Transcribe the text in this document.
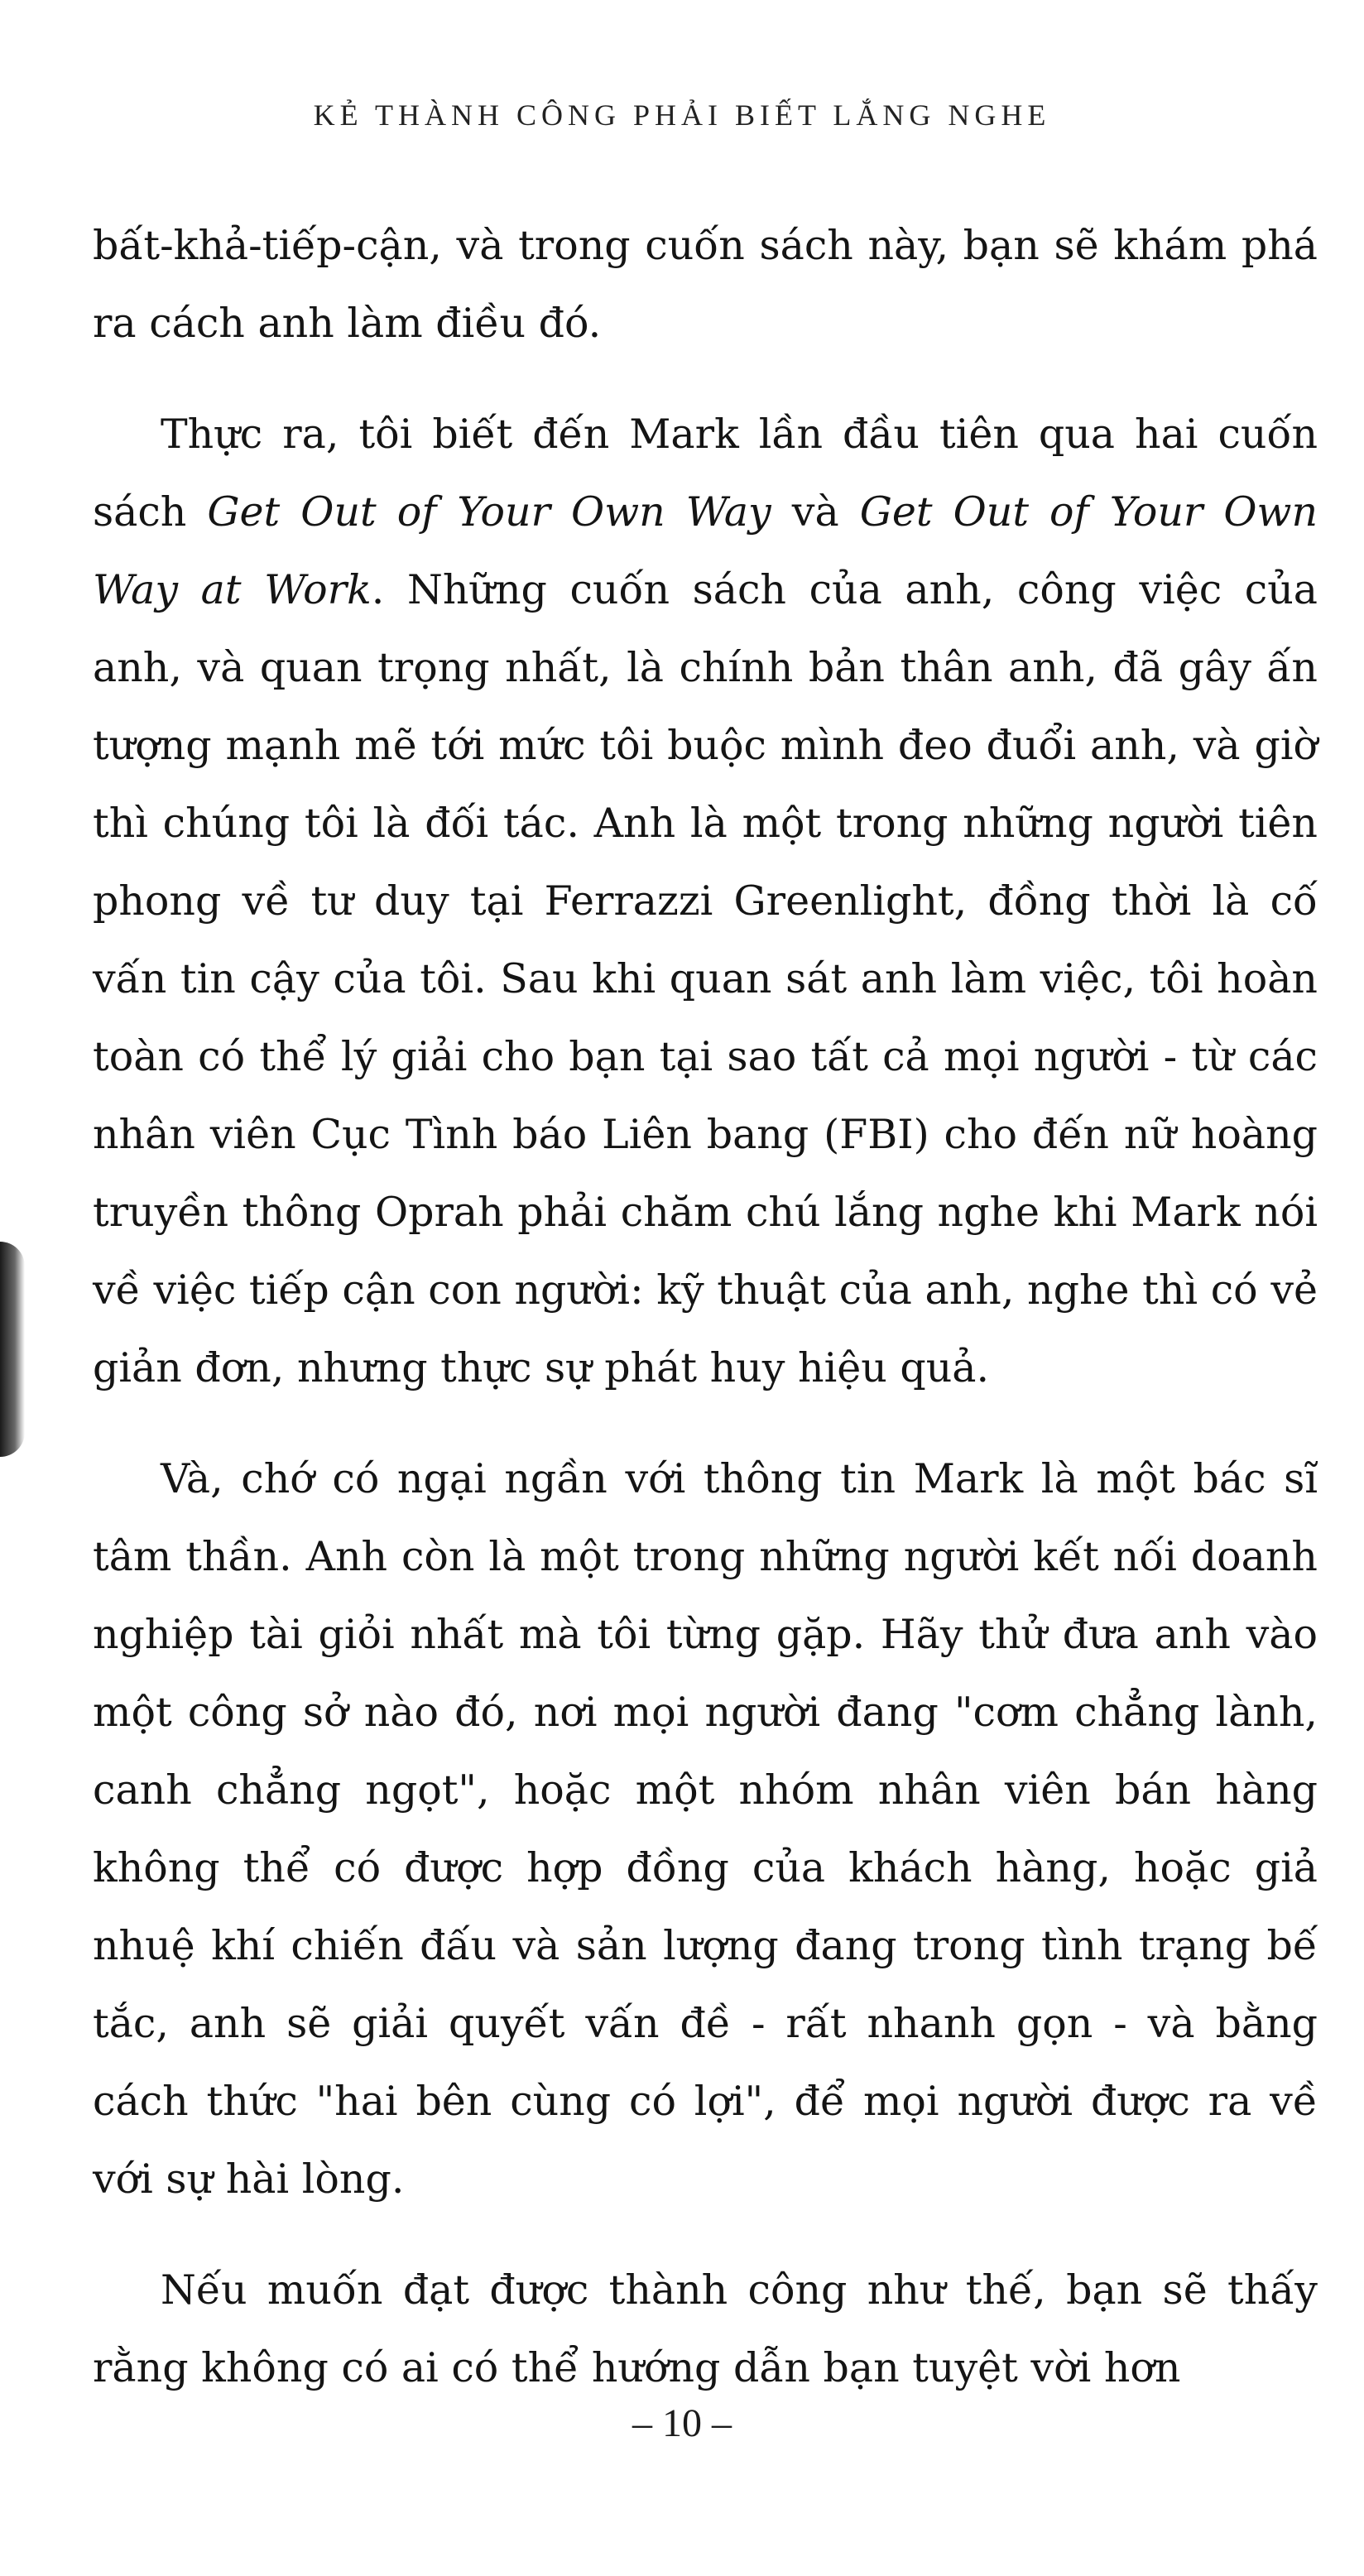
KẺ THÀNH CÔNG PHẢI BIẾT LẮNG NGHE

bất-khả-tiếp-cận, và trong cuốn sách này, bạn sẽ khám phá ra cách anh làm điều đó.

Thực ra, tôi biết đến Mark lần đầu tiên qua hai cuốn sách Get Out of Your Own Way và Get Out of Your Own Way at Work. Những cuốn sách của anh, công việc của anh, và quan trọng nhất, là chính bản thân anh, đã gây ấn tượng mạnh mẽ tới mức tôi buộc mình đeo đuổi anh, và giờ thì chúng tôi là đối tác. Anh là một trong những người tiên phong về tư duy tại Ferrazzi Greenlight, đồng thời là cố vấn tin cậy của tôi. Sau khi quan sát anh làm việc, tôi hoàn toàn có thể lý giải cho bạn tại sao tất cả mọi người - từ các nhân viên Cục Tình báo Liên bang (FBI) cho đến nữ hoàng truyền thông Oprah phải chăm chú lắng nghe khi Mark nói về việc tiếp cận con người: kỹ thuật của anh, nghe thì có vẻ giản đơn, nhưng thực sự phát huy hiệu quả.

Và, chớ có ngại ngần với thông tin Mark là một bác sĩ tâm thần. Anh còn là một trong những người kết nối doanh nghiệp tài giỏi nhất mà tôi từng gặp. Hãy thử đưa anh vào một công sở nào đó, nơi mọi người đang "cơm chẳng lành, canh chẳng ngọt", hoặc một nhóm nhân viên bán hàng không thể có được hợp đồng của khách hàng, hoặc giả nhuệ khí chiến đấu và sản lượng đang trong tình trạng bế tắc, anh sẽ giải quyết vấn đề - rất nhanh gọn - và bằng cách thức "hai bên cùng có lợi", để mọi người được ra về với sự hài lòng.

Nếu muốn đạt được thành công như thế, bạn sẽ thấy rằng không có ai có thể hướng dẫn bạn tuyệt vời hơn

– 10 –
